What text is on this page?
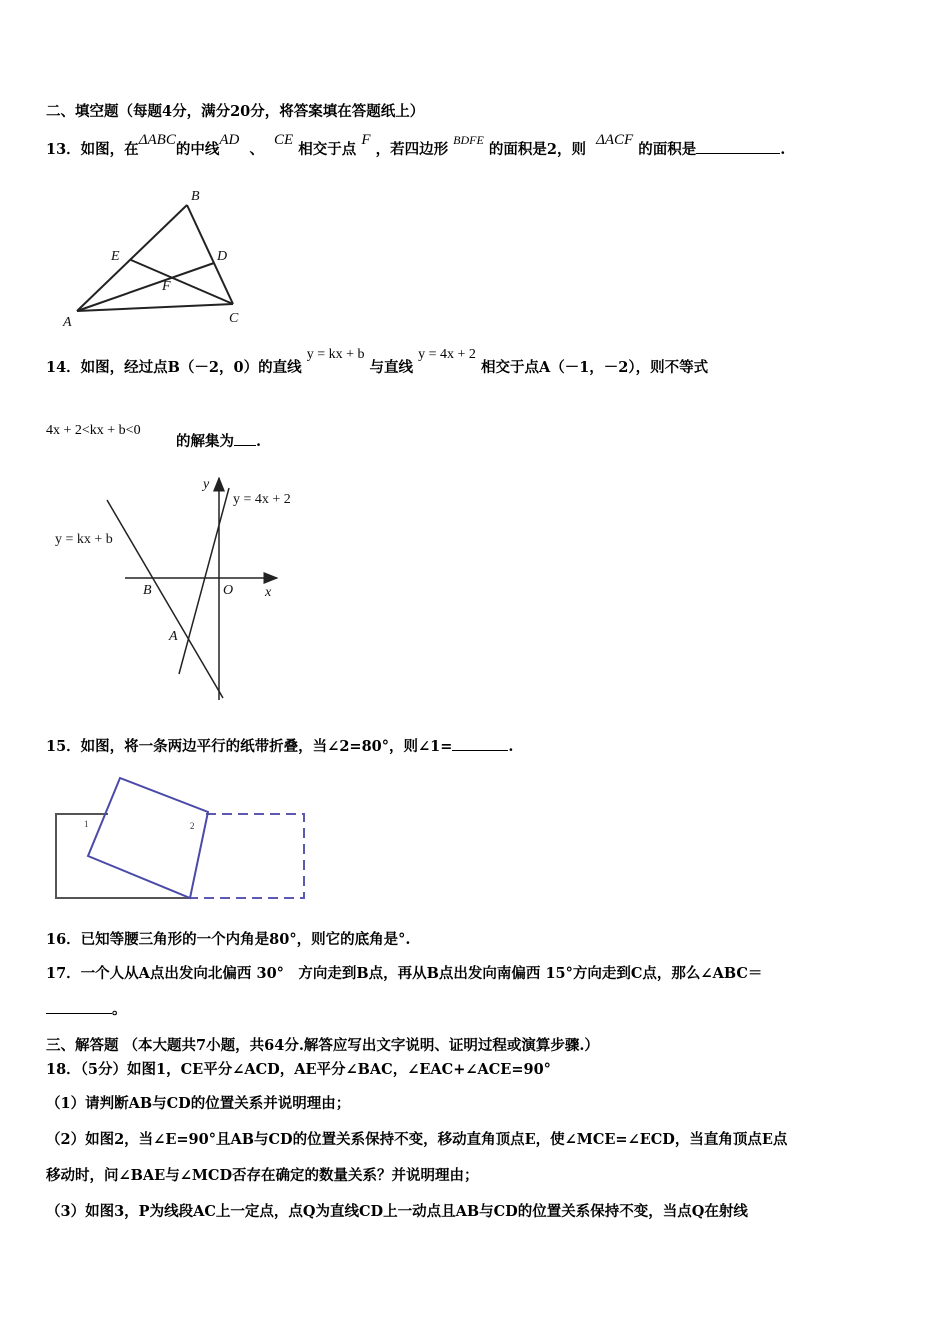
二、填空题（每题4分，满分20分，将答案填在答题纸上）
13．如图，在ΔABC的中线AD  、  CE 相交于点 F ，若四边形 $^{BDFE}$ 的面积是2，则  ΔACF 的面积是	.
B
E	D
F
A	C
14．如图，经过点B（－2，0）的直线 y = kx + b 与直线 y = 4x + 2 相交于点A（－1，－2），则不等式
4x + 2<kx + b<0
的解集为 .
y
x
O
B
A
y = 4x + 2
y = kx + b
15．如图，将一条两边平行的纸带折叠，当∠2=80°，则∠1=	.
1	2
16．已知等腰三角形的一个内角是80°，则它的底角是°.
17．一个人从A点出发向北偏西 30°　方向走到B点，再从B点出发向南偏西 15°方向走到C点，那么∠ABC＝
。
三、解答题 （本大题共7小题，共64分.解答应写出文字说明、证明过程或演算步骤.）
18．（5分）如图1，CE平分∠ACD，AE平分∠BAC，∠EAC+∠ACE=90°
（1）请判断AB与CD的位置关系并说明理由；
（2）如图2，当∠E=90°且AB与CD的位置关系保持不变，移动直角顶点E，使∠MCE=∠ECD，当直角顶点E点
移动时，问∠BAE与∠MCD否存在确定的数量关系？并说明理由；
（3）如图3，P为线段AC上一定点，点Q为直线CD上一动点且AB与CD的位置关系保持不变，当点Q在射线
